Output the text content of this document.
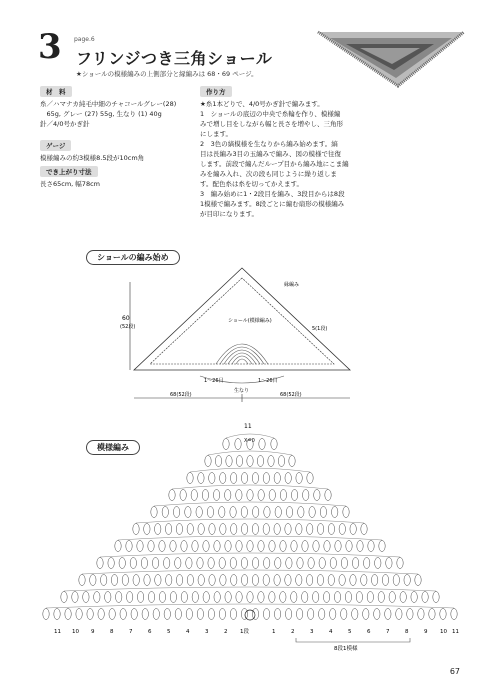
3 page.6
フリンジつき三角ショール
★ショールの模様編みの上側部分と縁編みは 68・69 ページ。
材　料
糸／ハマナカ純毛中細のチャコールグレー(28)
　65g, グレー (27) 55g, 生なり (1) 40g
針／4/0号かぎ針
ゲージ
模様編みの約3模様8.5段が10cm角
でき上がり寸法
長さ65cm, 幅78cm
作り方
★糸1本どりで、4/0号かぎ針で編みます。
1　ショールの底辺の中央で糸輪を作り、模様編
みで増し目をしながら幅と長さを増やし、三角形
にします。
2　3色の縞模様を生なりから編み始めます。縞
目は長編み3目の玉編みで編み、図の模様で往復
します。前段で編んだループ目から編み地にこま編
みを編み入れ、次の段も同じように繰り返しま
す。配色糸は糸を切ってかえます。
3　編み始めに1・2段目を編み、3段目からは8段
1模様で編みます。8段ごとに編む扇形の模様編み
が目印になります。
ショールの編み始め
60
(52段)
縁編み
ショール(模様編み)
5(1段)
1〜26目	1〜26目
生なり
68(52段)	68(52段)
模様編み
11
X=0
11 10 9	8	7	6	5	4	3	2 1段	1	2	3	4	5	6	7	8	9 10 11
8段1模様
67
